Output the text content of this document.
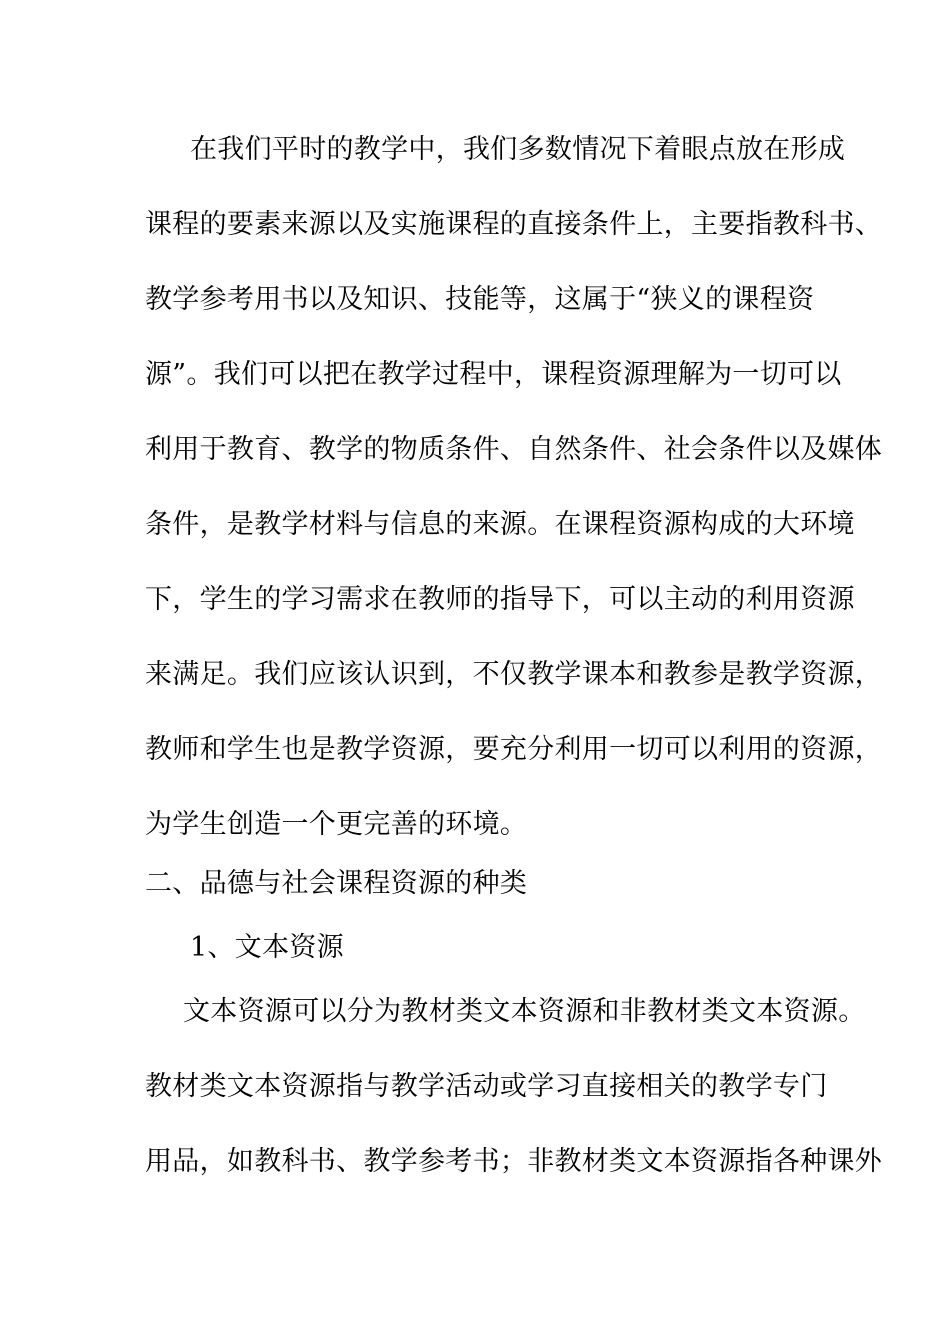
在我们平时的教学中，我们多数情况下着眼点放在形成
课程的要素来源以及实施课程的直接条件上，主要指教科书、
教学参考用书以及知识、技能等，这属于“狭义的课程资
源”。我们可以把在教学过程中，课程资源理解为一切可以
利用于教育、教学的物质条件、自然条件、社会条件以及媒体
条件，是教学材料与信息的来源。在课程资源构成的大环境
下，学生的学习需求在教师的指导下，可以主动的利用资源
来满足。我们应该认识到，不仅教学课本和教参是教学资源，
教师和学生也是教学资源，要充分利用一切可以利用的资源，
为学生创造一个更完善的环境。
二、品德与社会课程资源的种类
1、文本资源
文本资源可以分为教材类文本资源和非教材类文本资源。
教材类文本资源指与教学活动或学习直接相关的教学专门
用品，如教科书、教学参考书；非教材类文本资源指各种课外
